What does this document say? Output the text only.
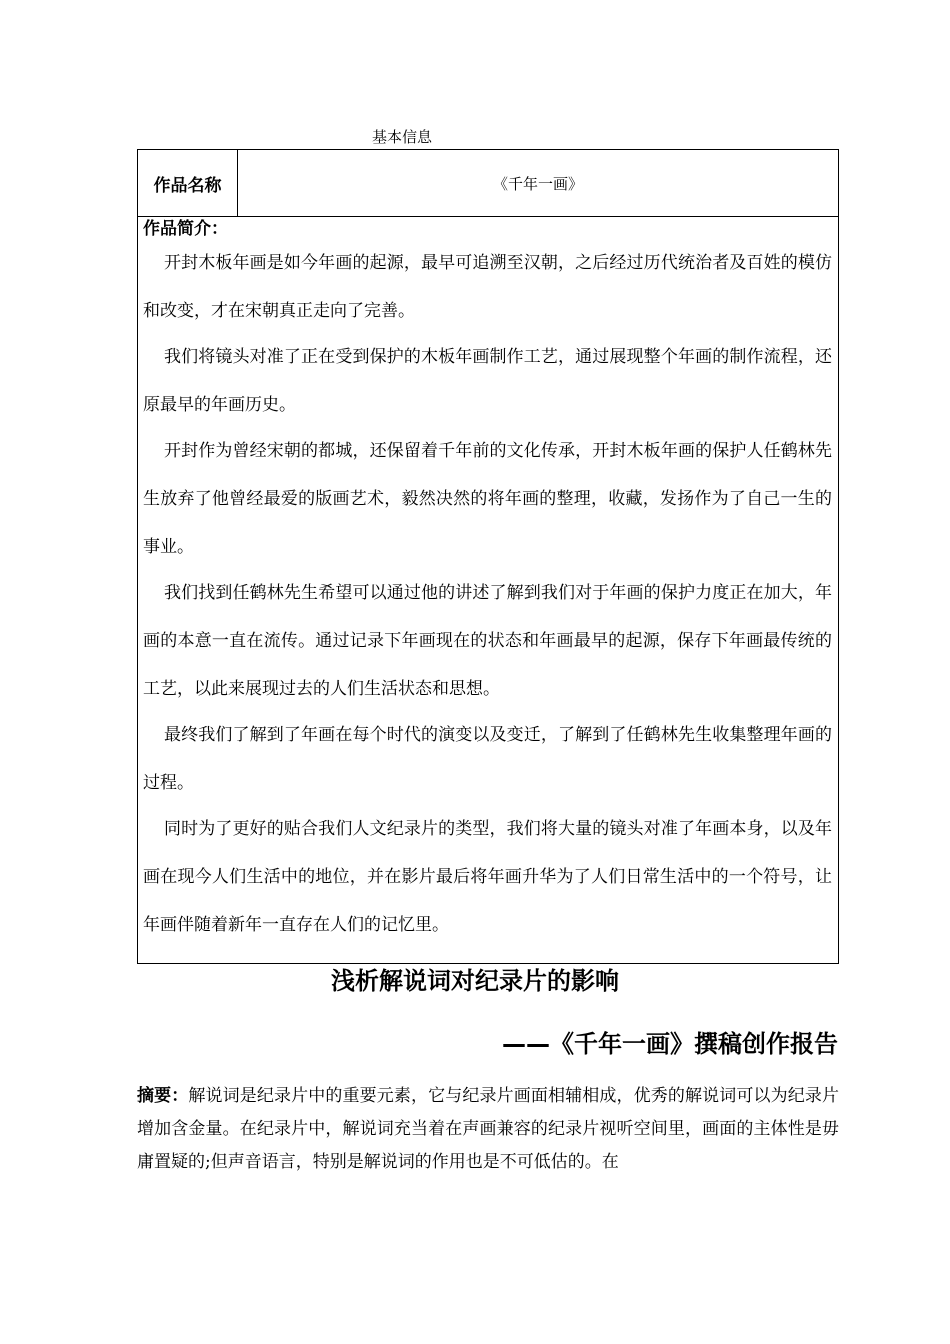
基本信息
作品名称	《千年一画》

作品简介：

开封木板年画是如今年画的起源，最早可追溯至汉朝，之后经过历代统治者及百姓的模仿和改变，才在宋朝真正走向了完善。

我们将镜头对准了正在受到保护的木板年画制作工艺，通过展现整个年画的制作流程，还原最早的年画历史。

开封作为曾经宋朝的都城，还保留着千年前的文化传承，开封木板年画的保护人任鹤林先生放弃了他曾经最爱的版画艺术，毅然决然的将年画的整理，收藏，发扬作为了自己一生的事业。

我们找到任鹤林先生希望可以通过他的讲述了解到我们对于年画的保护力度正在加大，年画的本意一直在流传。通过记录下年画现在的状态和年画最早的起源，保存下年画最传统的工艺，以此来展现过去的人们生活状态和思想。

最终我们了解到了年画在每个时代的演变以及变迁，了解到了任鹤林先生收集整理年画的过程。

同时为了更好的贴合我们人文纪录片的类型，我们将大量的镜头对准了年画本身，以及年画在现今人们生活中的地位，并在影片最后将年画升华为了人们日常生活中的一个符号，让年画伴随着新年一直存在人们的记忆里。

浅析解说词对纪录片的影响
——《千年一画》撰稿创作报告

摘要：解说词是纪录片中的重要元素，它与纪录片画面相辅相成，优秀的解说词可以为纪录片增加含金量。在纪录片中，解说词充当着在声画兼容的纪录片视听空间里，画面的主体性是毋庸置疑的;但声音语言，特别是解说词的作用也是不可低估的。在
